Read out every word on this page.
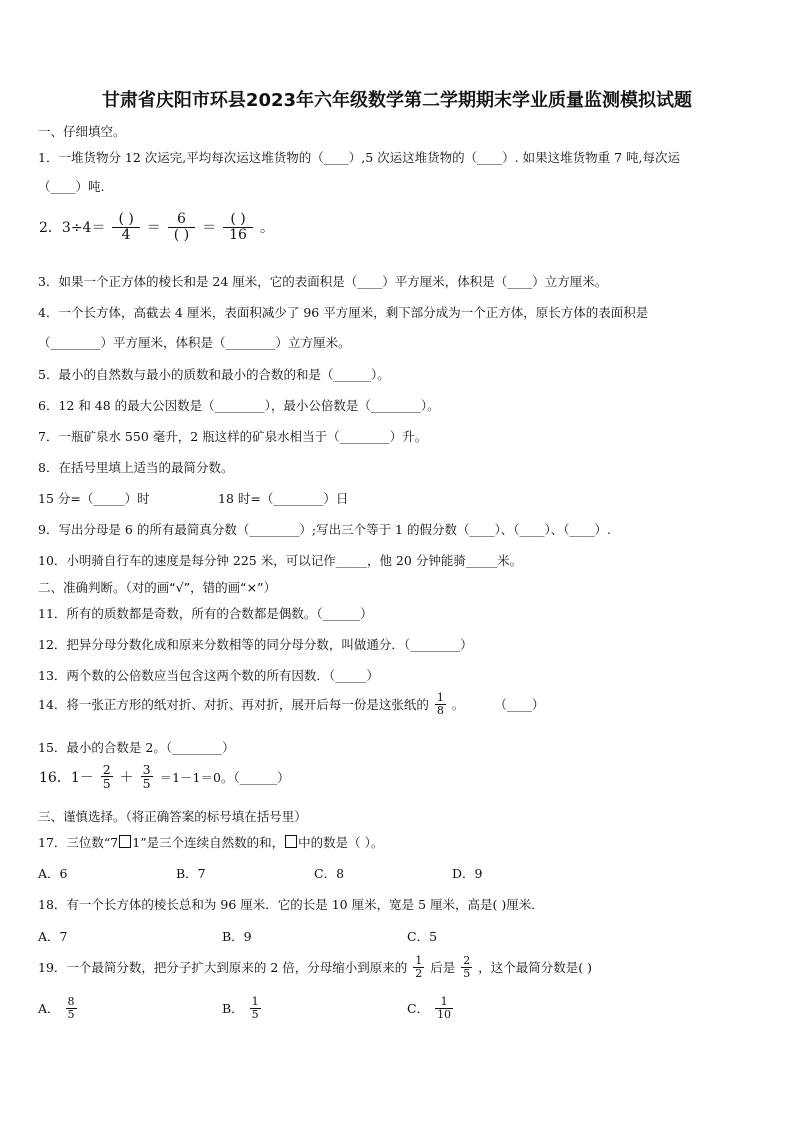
甘肃省庆阳市环县2023年六年级数学第二学期期末学业质量监测模拟试题
一、仔细填空。
1．一堆货物分 12 次运完,平均每次运这堆货物的（____）,5 次运这堆货物的（____）. 如果这堆货物重 7 吨,每次运
（____）吨.
2．$3\div 4= \frac{( )}{4} = \frac{6}{( )} = \frac{( )}{16}$ 。
3．如果一个正方体的棱长和是 24 厘米，它的表面积是（____）平方厘米，体积是（____）立方厘米。
4．一个长方体，高截去 4 厘米，表面积减少了 96 平方厘米，剩下部分成为一个正方体，原长方体的表面积是
（________）平方厘米，体积是（________）立方厘米。
5．最小的自然数与最小的质数和最小的合数的和是（______）。
6．12 和 48 的最大公因数是（________），最小公倍数是（________）。
7．一瓶矿泉水 550 毫升，2 瓶这样的矿泉水相当于（________）升。
8．在括号里填上适当的最简分数。
15 分=（_____）时	18 时=（________）日
9．写出分母是 6 的所有最简真分数（________）;写出三个等于 1 的假分数（____）、（____）、（____）.
10．小明骑自行车的速度是每分钟 225 米，可以记作_____，他 20 分钟能骑_____米。
二、准确判断。（对的画“√”，错的画“×”）
11．所有的质数都是奇数，所有的合数都是偶数。（______）
12．把异分母分数化成和原来分数相等的同分母分数，叫做通分．（________）
13．两个数的公倍数应当包含这两个数的所有因数．（_____）
14．将一张正方形的纸对折、对折、再对折，展开后每一份是这张纸的 $\frac{1}{8}$ 。 （____）
15．最小的合数是 2。（________）
16．$1- \frac{2}{5} + \frac{3}{5} =1-1=0$。（______）
三、谨慎选择。（将正确答案的标号填在括号里）
17．三位数“7 1”是三个连续自然数的和， 中的数是（ ）。
A．6	B．7	C．8	D．9
18．有一个长方体的棱长总和为 96 厘米．它的长是 10 厘米，宽是 5 厘米，高是( )厘米．
A．7	B．9	C．5
19．一个最简分数，把分子扩大到原来的 2 倍，分母缩小到原来的 $\frac{1}{2}$ 后是 $\frac{2}{5}$ ，这个最简分数是( )
A． $\frac{8}{5}$	B． $\frac{1}{5}$	C． $\frac{1}{10}$
